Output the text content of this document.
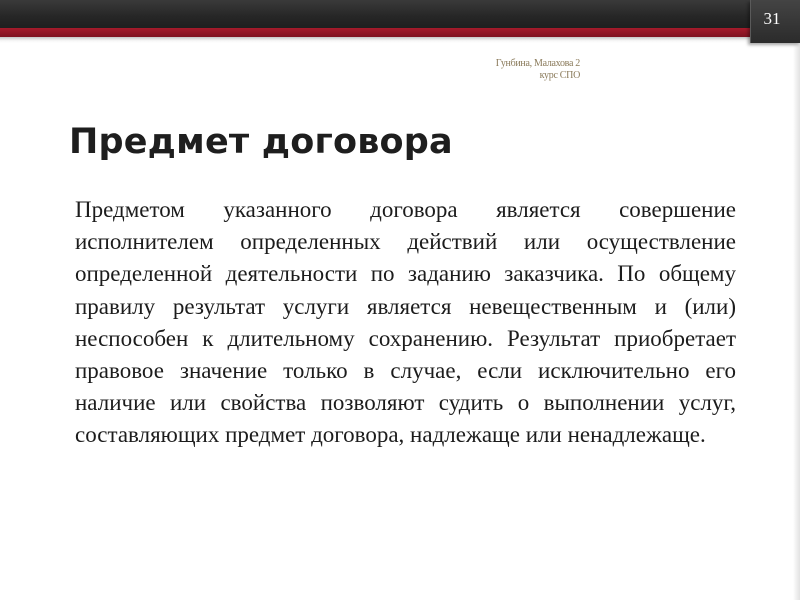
31
Гунбина, Малахова 2
курс СПО
Предмет договора

Предметом указанного договора является совершение исполнителем определенных действий или осуществление определенной деятельности по заданию заказчика. По общему правилу результат услуги является невещественным и (или) неспособен к длительному сохранению. Результат приобретает правовое значение только в случае, если исключительно его наличие или свойства позволяют судить о выполнении услуг, составляющих предмет договора, надлежаще или ненадлежаще.
